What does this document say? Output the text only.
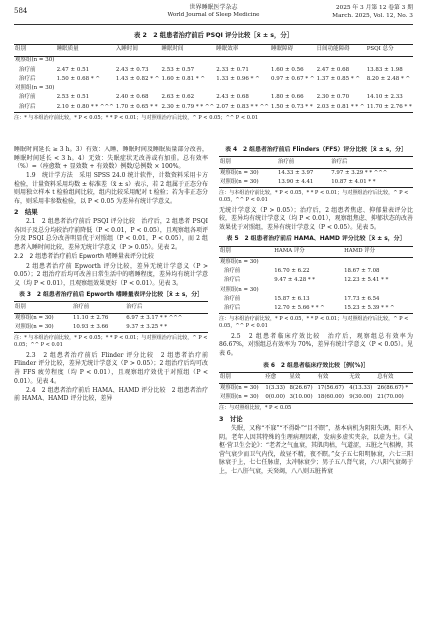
584	世界睡眠医学杂志
World Journal of Sleep Medicine
2025 年 3 月第 12 卷第 3 期
March. 2025, Vol. 12, No. 3
表 2　2 组患者治疗前后 PSQI 评分比较［x̄ ± s，分］
组别	睡眠质量	入睡时间	睡眠时间	睡眠效率	睡眠障碍	日间功能障碍	PSQI 总分
观察组(n = 30)							
治疗前	2.47 ± 0.51	2.43 ± 0.73	2.53 ± 0.57	2.33 ± 0.71	1.60 ± 0.56	2.47 ± 0.68	13.83 ± 1.98
治疗后	1.50 ± 0.68 * ^	1.43 ± 0.82 * ^	1.60 ± 0.81 * ^	1.33 ± 0.96 * ^	0.97 ± 0.67 * ^	1.37 ± 0.85 * ^	8.20 ± 2.48 * ^
对照组(n = 30)							
治疗前	2.53 ± 0.51	2.40 ± 0.68	2.63 ± 0.62	2.43 ± 0.68	1.80 ± 0.66	2.30 ± 0.70	14.10 ± 2.33
治疗后	2.10 ± 0.80 * * ^^^	1.70 ± 0.65 * *	2.30 ± 0.79 * * ^^	2.07 ± 0.83 * * ^^	1.50 ± 0.73 * *	2.03 ± 0.81 * * ^	11.70 ± 2.76 * *
注：* 与本组治疗前比较，* P < 0.05；* * P < 0.01；与对照组治疗后比较，^ P < 0.05；^^ P < 0.01

睡眠时间延长 ≥ 3 h。3）有效：入睡、睡眠时间及睡眠质量部分改善，睡眠时间延长 < 3 h。4）无效：失眠症状无改善或有加重。总有效率（%）=（痊愈数 + 显效数 + 有效数）例数/总例数 × 100%。

1.9　统计学方法　采用 SPSS 24.0 统计软件，计数资料采用卡方检验，计量资料采用均数 ± 标准差（x̄ ± s）表示，若 2 组属于正态分布则用独立样本 t 检验组间比较，组内比较采用配对 t 检验；若为非正态分布，则采用非参数检验，以 P < 0.05 为差异有统计学意义。

2　结果

2.1　2 组患者治疗前后 PSQI 评分比较　治疗后，2 组患者 PSQI 各因子及总分均较治疗前降低（P < 0.01，P < 0.05），且观察组各项评分及 PSQI 总分改善明显优于对照组（P < 0.01，P < 0.05），而 2 组患者入睡时间比较，差异无统计学意义（P > 0.05）。见表 2。

2.2　2 组患者治疗前后 Epworth 嗜睡量表评分比较

2 组患者治疗前 Epworth 评分比较，差异无统计学意义（P > 0.05）；2 组治疗后均可改善日常生活中的嗜睡程度，差异均有统计学意义（均 P < 0.01），且观察组效果更好（P < 0.01）。见表 3。

表 3　2 组患者治疗前后 Epworth 嗜睡量表评分比较［x̄ ± s，分］
组别	治疗前	治疗后
观察组(n = 30)	11.10 ± 2.76	6.97 ± 3.17 * * ^^^
对照组(n = 30)	10.93 ± 3.66	9.37 ± 3.25 * *
注：* 与本组治疗前比较，* P < 0.05；* * P < 0.01；与对照组治疗后比较，^ P < 0.05；^^ P < 0.01

2.3　2 组患者治疗前后 Flinder 评分比较　2 组患者治疗前 Flinder 评分比较，差异无统计学意义（P > 0.05）；2 组治疗后均可改善 FFS 疲劳程度（均 P < 0.01），且观察组疗效优于对照组（P < 0.01）。见表 4。

2.4　2 组患者治疗前后 HAMA、HAMD 评分比较　2 组患者治疗前 HAMA、HAMD 评分比较，差异

表 4　2 组患者治疗前后 Flinders（FFS）评分比较［x̄ ± s，分］
组别	治疗前	治疗后
观察组(n = 30)	14.33 ± 3.97	7.97 ± 3.29 * * ^^^
对照组(n = 30)	13.90 ± 4.41	10.87 ± 4.01 * *
注：与本组治疗前比较，* P < 0.05，* * P < 0.01；与对照组治疗后比较，^ P < 0.05，^^ P < 0.01

无统计学意义（P > 0.05）；治疗后，2 组患者焦虑、抑郁量表评分比较，差异均有统计学意义（均 P < 0.01），观察组焦虑、抑郁状态的改善效果优于对照组，差异有统计学意义（P < 0.05）。见表 5。

表 5　2 组患者治疗前后 HAMA、HAMD 评分比较［x̄ ± s，分］
组别	HAMA 评分	HAMD 评分
观察组(n = 30)		
治疗前	16.70 ± 6.22	18.67 ± 7.08
治疗后	9.47 ± 4.28 * *	12.23 ± 5.41 * *
对照组(n = 30)		
治疗前	15.87 ± 6.13	17.73 ± 6.54
治疗后	12.70 ± 5.66 * * ^	15.23 ± 5.39 * * ^
注：与本组治疗前比较，* P < 0.05，* * P < 0.01；与对照组治疗后比较，^ P < 0.05，^^ P < 0.01

2.5　2 组患者临床疗效比较　治疗后，观察组总有效率为 86.67%，对照组总有效率为 70%，差异有统计学意义（P < 0.05）。见表 6。

表 6　2 组患者临床疗效比较［例(%)］
组别	痊愈	显效	有效	无效	总有效
观察组(n = 30)	1(3.33)	8(26.67)	17(56.67)	4(13.33)	26(86.67) *
对照组(n = 30)	0(0.00)	3(10.00)	18(60.00)	9(30.00)	21(70.00)
注：与对照组比较，* P < 0.05
3　讨论

失眠，又称“不寐”“不得卧”“目不瞑”，基本病机为阴阳失调，阳不入阴。老年人因其特殊的生理病理因素，发病多虚实夹杂，以虚为主。《灵枢·营卫生会论》：“老者之气血衰，其肌肉枯，气道涩，五脏之气相搏，其营气衰少而卫气内伐，故昼不精，夜不瞑。”女子五七阳明脉衰，六七三阳脉衰于上，七七任脉虚，太冲脉衰少；男子五八肾气衰，六八阳气衰竭于上，七八肝气衰，天癸竭，八八则五脏皆衰
